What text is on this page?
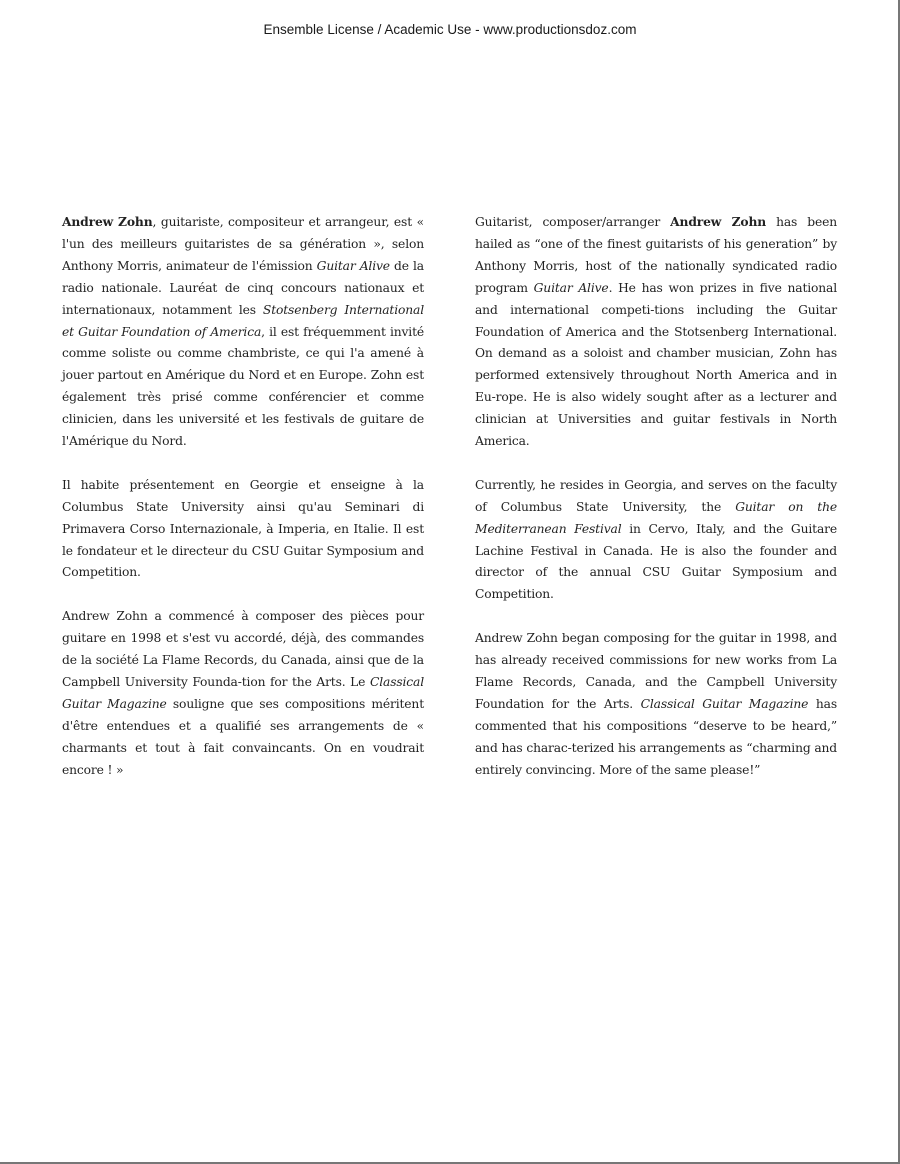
Ensemble License / Academic Use - www.productionsdoz.com

Andrew Zohn, guitariste, compositeur et arrangeur, est « l'un des meilleurs guitaristes de sa génération », selon Anthony Morris, animateur de l'émission Guitar Alive de la radio nationale. Lauréat de cinq concours nationaux et internationaux, notamment les Stotsenberg International et Guitar Foundation of America, il est fréquemment invité comme soliste ou comme chambriste, ce qui l'a amené à jouer partout en Amérique du Nord et en Europe. Zohn est également très prisé comme conférencier et comme clinicien, dans les université et les festivals de guitare de l'Amérique du Nord.

Il habite présentement en Georgie et enseigne à la Columbus State University ainsi qu'au Seminari di Primavera Corso Internazionale, à Imperia, en Italie. Il est le fondateur et le directeur du CSU Guitar Symposium and Competition.

Andrew Zohn a commencé à composer des pièces pour guitare en 1998 et s'est vu accordé, déjà, des commandes de la société La Flame Records, du Canada, ainsi que de la Campbell University Founda-tion for the Arts. Le Classical Guitar Magazine souligne que ses compositions méritent d'être entendues et a qualifié ses arrangements de « charmants et tout à fait convaincants. On en voudrait encore ! »

Guitarist, composer/arranger Andrew Zohn has been hailed as “one of the finest guitarists of his generation” by Anthony Morris, host of the nationally syndicated radio program Guitar Alive. He has won prizes in five national and international competi-tions including the Guitar Foundation of America and the Stotsenberg International. On demand as a soloist and chamber musician, Zohn has performed extensively throughout North America and in Eu-rope. He is also widely sought after as a lecturer and clinician at Universities and guitar festivals in North America.

Currently, he resides in Georgia, and serves on the faculty of Columbus State University, the Guitar on the Mediterranean Festival in Cervo, Italy, and the Guitare Lachine Festival in Canada. He is also the founder and director of the annual CSU Guitar Symposium and Competition.

Andrew Zohn began composing for the guitar in 1998, and has already received commissions for new works from La Flame Records, Canada, and the Campbell University Foundation for the Arts. Classical Guitar Magazine has commented that his compositions “deserve to be heard,” and has charac-terized his arrangements as “charming and entirely convincing. More of the same please!”
